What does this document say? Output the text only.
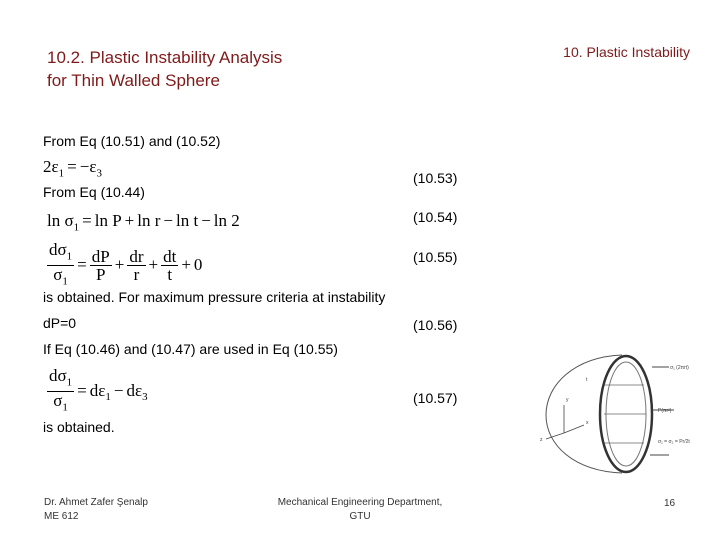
10.2. Plastic Instability Analysis
for Thin Walled Sphere
10. Plastic Instability
From Eq (10.51) and (10.52)
$2\varepsilon_1 = -\varepsilon_3$	(10.53)
From Eq (10.44)
$\ln \sigma_1 = \ln P + \ln r - \ln t - \ln 2$	(10.54)
$\frac{d\sigma_1}{\sigma_1} = \frac{dP}{P} + \frac{dr}{r} + \frac{dt}{t} + 0$	(10.55)
is obtained. For maximum pressure criteria at instability
dP=0	(10.56)
If Eq (10.46) and (10.47) are used in Eq (10.55)
$\frac{d\sigma_1}{\sigma_1} = d\varepsilon_1 - d\varepsilon_3$	(10.57)
is obtained.
σ₁ (2πrt)
t
P(πr²)
σ₁ = σ₂ = Pr/2t
y
z
x
Dr. Ahmet Zafer Şenalp
ME 612
Mechanical Engineering Department,
GTU
16
